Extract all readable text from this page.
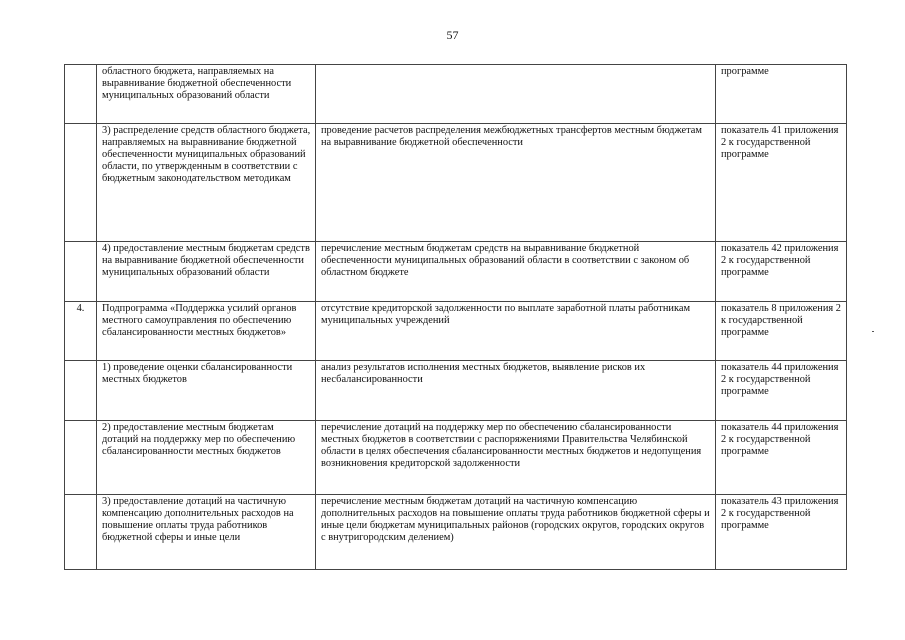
57
	областного бюджета, направляемых на выравнивание бюджетной обеспеченности муниципальных образований области		программе
	3) распределение средств областного бюджета, направляемых на выравнивание бюджетной обеспеченности муниципальных образований области, по утвержденным в соответствии с бюджетным законодательством методикам	проведение расчетов распределения межбюджетных трансфертов местным бюджетам на выравнивание бюджетной обеспеченности	показатель 41 приложения 2 к государственной программе
	4) предоставление местным бюджетам средств на выравнивание бюджетной обеспеченности муниципальных образований области	перечисление местным бюджетам средств на выравнивание бюджетной обеспеченности муниципальных образований области в соответствии с законом об областном бюджете	показатель 42 приложения 2 к государственной программе
4.	Подпрограмма «Поддержка усилий органов местного самоуправления по обеспечению сбалансированности местных бюджетов»	отсутствие кредиторской задолженности по выплате заработной платы работникам муниципальных учреждений	показатель 8 приложения 2 к государственной программе
	1) проведение оценки сбалансированности местных бюджетов	анализ результатов исполнения местных бюджетов, выявление рисков их несбалансированности	показатель 44 приложения 2 к государственной программе
	2) предоставление местным бюджетам дотаций на поддержку мер по обеспечению сбалансированности местных бюджетов	перечисление дотаций на поддержку мер по обеспечению сбалансированности местных бюджетов в соответствии с распоряжениями Правительства Челябинской области в целях обеспечения сбалансированности местных бюджетов и недопущения возникновения кредиторской задолженности	показатель 44 приложения 2 к государственной программе
	3) предоставление дотаций на частичную компенсацию дополнительных расходов на повышение оплаты труда работников бюджетной сферы и иные цели	перечисление местным бюджетам дотаций на частичную компенсацию дополнительных расходов на повышение оплаты труда работников бюджетной сферы и иные цели бюджетам муниципальных районов (городских округов, городских округов с внутригородским делением)	показатель 43 приложения 2 к государственной программе
